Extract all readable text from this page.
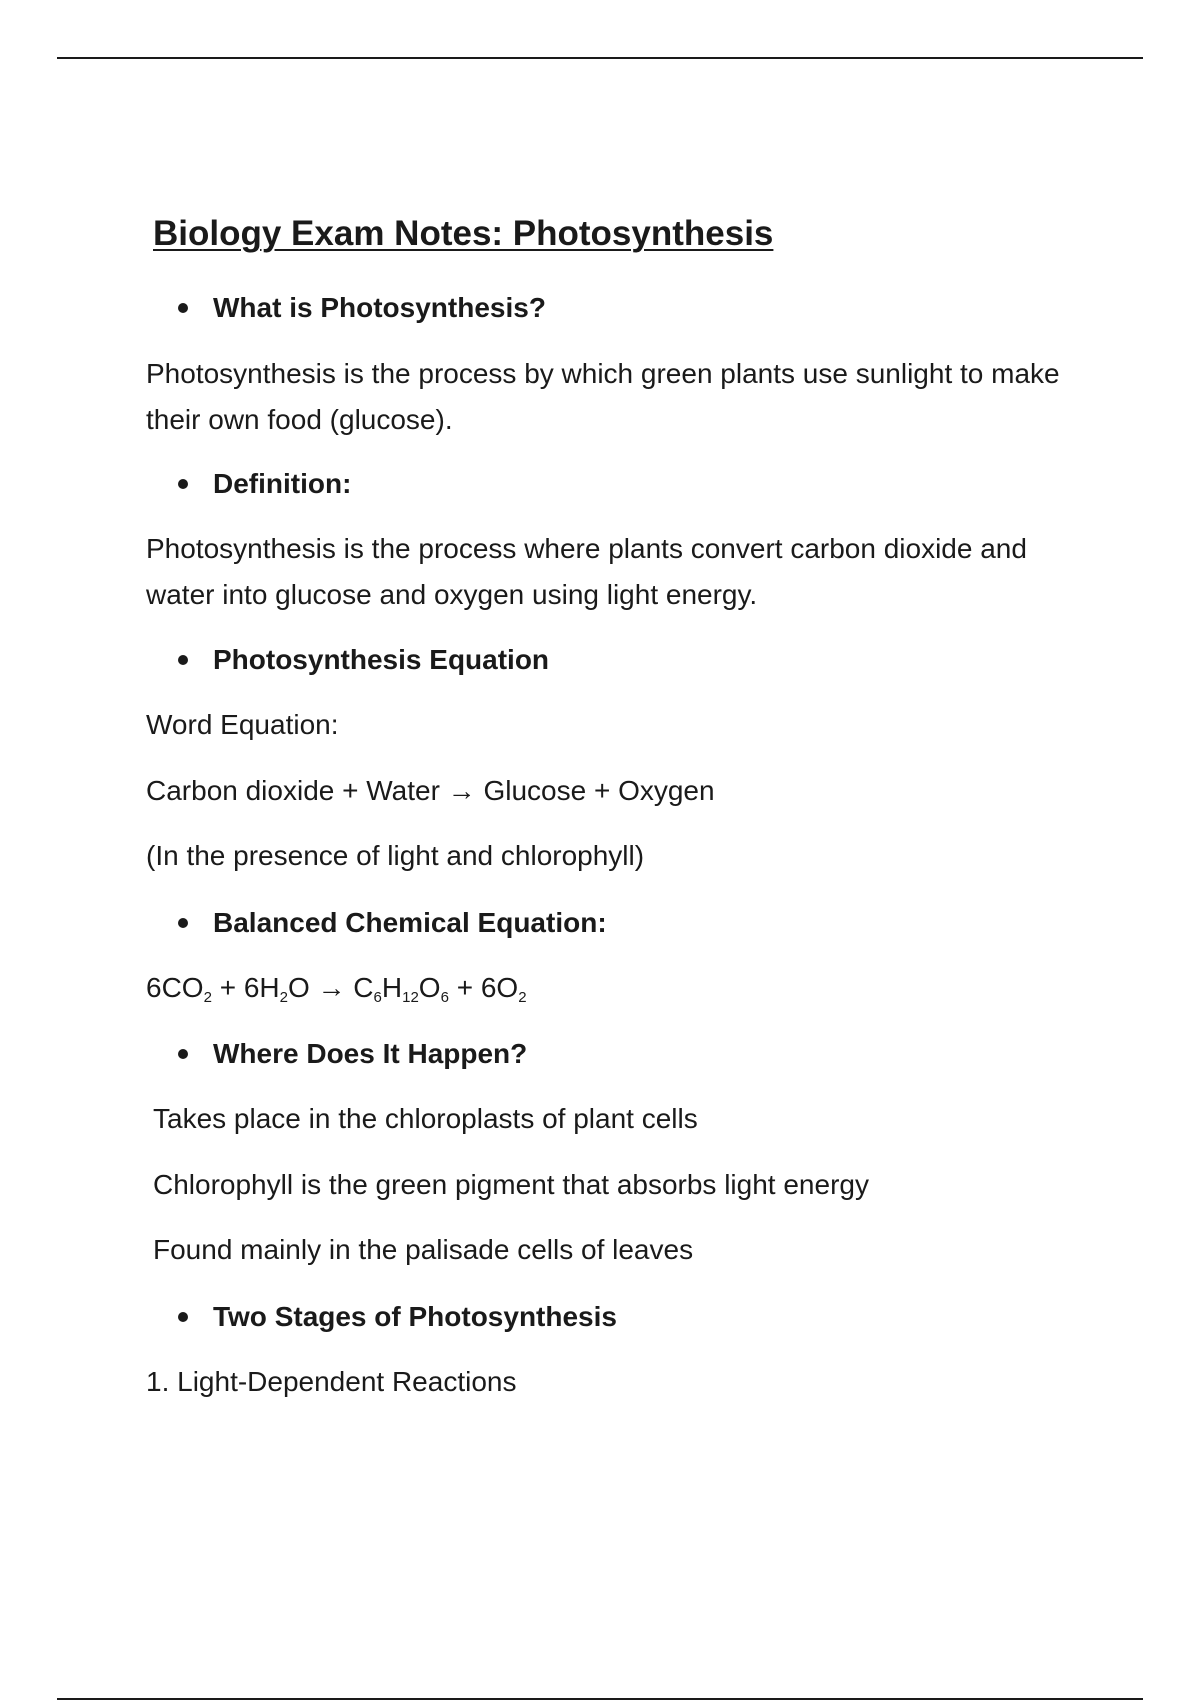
Biology Exam Notes: Photosynthesis
What is Photosynthesis?
Photosynthesis is the process by which green plants use sunlight to make their own food (glucose).
Definition:
Photosynthesis is the process where plants convert carbon dioxide and water into glucose and oxygen using light energy.
Photosynthesis Equation
Word Equation:
Carbon dioxide + Water → Glucose + Oxygen
(In the presence of light and chlorophyll)
Balanced Chemical Equation:
$6CO_2 + 6H_2O \to C_6H_{12}O_6 + 6O_2$
Where Does It Happen?
Takes place in the chloroplasts of plant cells
Chlorophyll is the green pigment that absorbs light energy
Found mainly in the palisade cells of leaves
Two Stages of Photosynthesis
1. Light-Dependent Reactions
